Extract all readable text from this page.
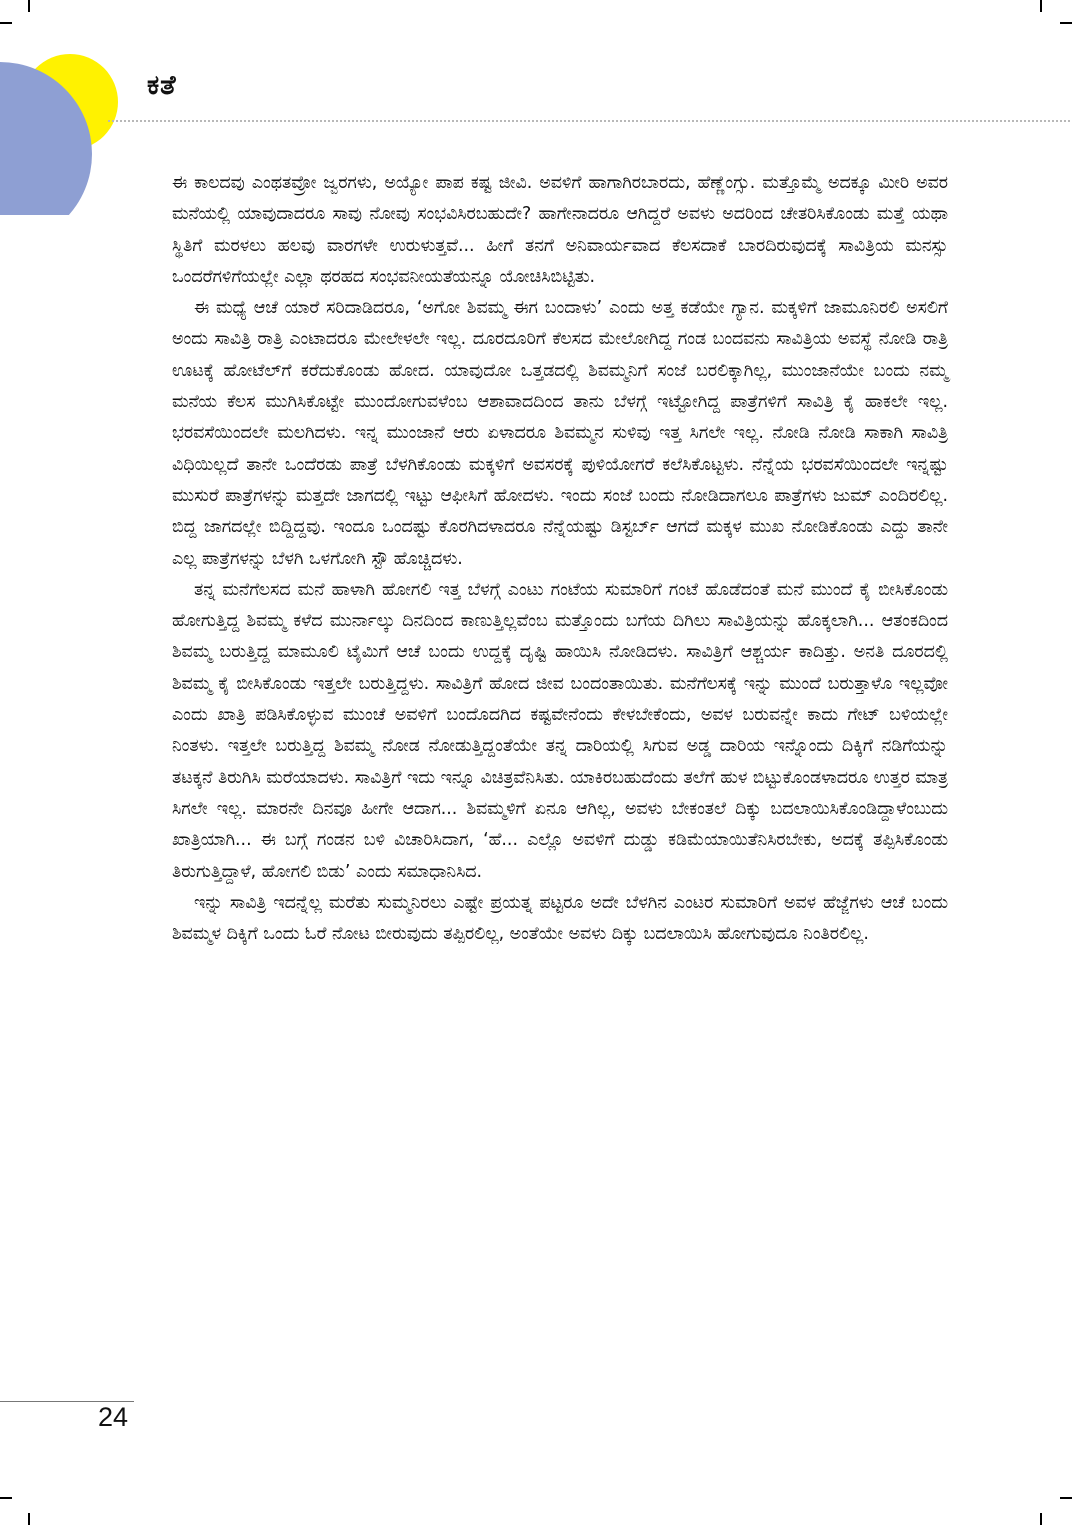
ಕತೆ

ಈ ಕಾಲದವು ಎಂಥತವ್ರೋ ಜ್ವರಗಳು, ಅಯ್ಯೋ ಪಾಪ ಕಷ್ಟ ಜೀವಿ. ಅವಳಿಗೆ ಹಾಗಾಗಿರಬಾರದು, ಹೆಣ್ಣೆಂಗ್ಸು. ಮತ್ತೊಮ್ಮೆ ಅದಕ್ಕೂ ಮೀರಿ ಅವರ ಮನೆಯಲ್ಲಿ ಯಾವುದಾದರೂ ಸಾವು ನೋವು ಸಂಭವಿಸಿರಬಹುದೇ? ಹಾಗೇನಾದರೂ ಆಗಿದ್ದರೆ ಅವಳು ಅದರಿಂದ ಚೇತರಿಸಿಕೊಂಡು ಮತ್ತೆ ಯಥಾ ಸ್ಥಿತಿಗೆ ಮರಳಲು ಹಲವು ವಾರಗಳೇ ಉರುಳುತ್ತವೆ... ಹೀಗೆ ತನಗೆ ಅನಿವಾರ್ಯವಾದ ಕೆಲಸದಾಕೆ ಬಾರದಿರುವುದಕ್ಕೆ ಸಾವಿತ್ರಿಯ ಮನಸ್ಸು ಒಂದರೆಗಳಿಗೆಯಲ್ಲೇ ಎಲ್ಲಾ ಥರಹದ ಸಂಭವನೀಯತೆಯನ್ನೂ ಯೋಚಿಸಿಬಿಟ್ಟಿತು.

ಈ ಮಧ್ಯೆ ಆಚೆ ಯಾರೆ ಸರಿದಾಡಿದರೂ, ‘ಅಗೋ ಶಿವಮ್ಮ ಈಗ ಬಂದಾಳು’ ಎಂದು ಅತ್ತ ಕಡೆಯೇ ಗ್ಯಾನ. ಮಕ್ಕಳಿಗೆ ಜಾಮೂನಿರಲಿ ಅಸಲಿಗೆ ಅಂದು ಸಾವಿತ್ರಿ ರಾತ್ರಿ ಎಂಟಾದರೂ ಮೇಲೇಳಲೇ ಇಲ್ಲ. ದೂರದೂರಿಗೆ ಕೆಲಸದ ಮೇಲೋಗಿದ್ದ ಗಂಡ ಬಂದವನು ಸಾವಿತ್ರಿಯ ಅವಸ್ಥೆ ನೋಡಿ ರಾತ್ರಿ ಊಟಕ್ಕೆ ಹೋಟೆಲ್‌ಗೆ ಕರೆದುಕೊಂಡು ಹೋದ. ಯಾವುದೋ ಒತ್ತಡದಲ್ಲಿ ಶಿವಮ್ಮನಿಗೆ ಸಂಜೆ ಬರಲಿಕ್ಕಾಗಿಲ್ಲ, ಮುಂಜಾನೆಯೇ ಬಂದು ನಮ್ಮ ಮನೆಯ ಕೆಲಸ ಮುಗಿಸಿಕೊಟ್ಟೇ ಮುಂದೋಗುವಳೆಂಬ ಆಶಾವಾದದಿಂದ ತಾನು ಬೆಳಗ್ಗೆ ಇಟ್ಟೋಗಿದ್ದ ಪಾತ್ರೆಗಳಿಗೆ ಸಾವಿತ್ರಿ ಕೈ ಹಾಕಲೇ ಇಲ್ಲ. ಭರವಸೆಯಿಂದಲೇ ಮಲಗಿದಳು. ಇನ್ನ ಮುಂಜಾನೆ ಆರು ಏಳಾದರೂ ಶಿವಮ್ಮನ ಸುಳಿವು ಇತ್ತ ಸಿಗಲೇ ಇಲ್ಲ. ನೋಡಿ ನೋಡಿ ಸಾಕಾಗಿ ಸಾವಿತ್ರಿ ವಿಧಿಯಿಲ್ಲದೆ ತಾನೇ ಒಂದೆರಡು ಪಾತ್ರೆ ಬೆಳಗಿಕೊಂಡು ಮಕ್ಕಳಿಗೆ ಅವಸರಕ್ಕೆ ಪುಳಿಯೋಗರೆ ಕಲೆಸಿಕೊಟ್ಟಳು. ನೆನ್ನೆಯ ಭರವಸೆಯಿಂದಲೇ ಇನ್ನಷ್ಟು ಮುಸುರೆ ಪಾತ್ರೆಗಳನ್ನು ಮತ್ತದೇ ಜಾಗದಲ್ಲಿ ಇಟ್ಟು ಆಫೀಸಿಗೆ ಹೋದಳು. ಇಂದು ಸಂಜೆ ಬಂದು ನೋಡಿದಾಗಲೂ ಪಾತ್ರೆಗಳು ಜುಮ್ ಎಂದಿರಲಿಲ್ಲ. ಬಿದ್ದ ಜಾಗದಲ್ಲೇ ಬಿದ್ದಿದ್ದವು. ಇಂದೂ ಒಂದಷ್ಟು ಕೊರಗಿದಳಾದರೂ ನೆನ್ನೆಯಷ್ಟು ಡಿಸ್ಟರ್ಬ್ ಆಗದೆ ಮಕ್ಕಳ ಮುಖ ನೋಡಿಕೊಂಡು ಎದ್ದು ತಾನೇ ಎಲ್ಲ ಪಾತ್ರೆಗಳನ್ನು ಬೆಳಗಿ ಒಳಗೋಗಿ ಸ್ಟೌ ಹೊಚ್ಚಿದಳು.

ತನ್ನ ಮನೆಗೆಲಸದ ಮನೆ ಹಾಳಾಗಿ ಹೋಗಲಿ ಇತ್ತ ಬೆಳಗ್ಗೆ ಎಂಟು ಗಂಟೆಯ ಸುಮಾರಿಗೆ ಗಂಟೆ ಹೊಡೆದಂತೆ ಮನೆ ಮುಂದೆ ಕೈ ಬೀಸಿಕೊಂಡು ಹೋಗುತ್ತಿದ್ದ ಶಿವಮ್ಮ ಕಳೆದ ಮುರ್ನಾಲ್ಕು ದಿನದಿಂದ ಕಾಣುತ್ತಿಲ್ಲವೆಂಬ ಮತ್ತೊಂದು ಬಗೆಯ ದಿಗಿಲು ಸಾವಿತ್ರಿಯನ್ನು ಹೊಕ್ಕಲಾಗಿ... ಆತಂಕದಿಂದ ಶಿವಮ್ಮ ಬರುತ್ತಿದ್ದ ಮಾಮೂಲಿ ಟೈಮಿಗೆ ಆಚೆ ಬಂದು ಉದ್ದಕ್ಕೆ ದೃಷ್ಟಿ ಹಾಯಿಸಿ ನೋಡಿದಳು. ಸಾವಿತ್ರಿಗೆ ಆಶ್ಚರ್ಯ ಕಾದಿತ್ತು. ಅನತಿ ದೂರದಲ್ಲಿ ಶಿವಮ್ಮ ಕೈ ಬೀಸಿಕೊಂಡು ಇತ್ತಲೇ ಬರುತ್ತಿದ್ದಳು. ಸಾವಿತ್ರಿಗೆ ಹೋದ ಜೀವ ಬಂದಂತಾಯಿತು. ಮನೆಗೆಲಸಕ್ಕೆ ಇನ್ನು ಮುಂದೆ ಬರುತ್ತಾಳೊ ಇಲ್ಲವೋ ಎಂದು ಖಾತ್ರಿ ಪಡಿಸಿಕೊಳ್ಳುವ ಮುಂಚೆ ಅವಳಿಗೆ ಬಂದೊದಗಿದ ಕಷ್ಟವೇನೆಂದು ಕೇಳಬೇಕೆಂದು, ಅವಳ ಬರುವನ್ನೇ ಕಾದು ಗೇಟ್ ಬಳಿಯಲ್ಲೇ ನಿಂತಳು. ಇತ್ತಲೇ ಬರುತ್ತಿದ್ದ ಶಿವಮ್ಮ ನೋಡ ನೋಡುತ್ತಿದ್ದಂತೆಯೇ ತನ್ನ ದಾರಿಯಲ್ಲಿ ಸಿಗುವ ಅಡ್ಡ ದಾರಿಯ ಇನ್ನೊಂದು ದಿಕ್ಕಿಗೆ ನಡಿಗೆಯನ್ನು ತಟಕ್ಕನೆ ತಿರುಗಿಸಿ ಮರೆಯಾದಳು. ಸಾವಿತ್ರಿಗೆ ಇದು ಇನ್ನೂ ವಿಚಿತ್ರವೆನಿಸಿತು. ಯಾಕಿರಬಹುದೆಂದು ತಲೆಗೆ ಹುಳ ಬಿಟ್ಟುಕೊಂಡಳಾದರೂ ಉತ್ತರ ಮಾತ್ರ ಸಿಗಲೇ ಇಲ್ಲ. ಮಾರನೇ ದಿನವೂ ಹೀಗೇ ಆದಾಗ... ಶಿವಮ್ಮಳಿಗೆ ಏನೂ ಆಗಿಲ್ಲ, ಅವಳು ಬೇಕಂತಲೆ ದಿಕ್ಕು ಬದಲಾಯಿಸಿಕೊಂಡಿದ್ದಾಳೆಂಬುದು ಖಾತ್ರಿಯಾಗಿ... ಈ ಬಗ್ಗೆ ಗಂಡನ ಬಳಿ ವಿಚಾರಿಸಿದಾಗ, ‘ಹೆ... ಎಲ್ಲೊ ಅವಳಿಗೆ ದುಡ್ಡು ಕಡಿಮೆಯಾಯಿತೆನಿಸಿರಬೇಕು, ಅದಕ್ಕೆ ತಪ್ಪಿಸಿಕೊಂಡು ತಿರುಗುತ್ತಿದ್ದಾಳೆ, ಹೋಗಲಿ ಬಿಡು’ ಎಂದು ಸಮಾಧಾನಿಸಿದ.

ಇನ್ನು ಸಾವಿತ್ರಿ ಇದನ್ನೆಲ್ಲ ಮರೆತು ಸುಮ್ಮನಿರಲು ಎಷ್ಟೇ ಪ್ರಯತ್ನ ಪಟ್ಟರೂ ಅದೇ ಬೆಳಗಿನ ಎಂಟರ ಸುಮಾರಿಗೆ ಅವಳ ಹೆಜ್ಜೆಗಳು ಆಚೆ ಬಂದು ಶಿವಮ್ಮಳ ದಿಕ್ಕಿಗೆ ಒಂದು ಓರೆ ನೋಟ ಬೀರುವುದು ತಪ್ಪಿರಲಿಲ್ಲ, ಅಂತೆಯೇ ಅವಳು ದಿಕ್ಕು ಬದಲಾಯಿಸಿ ಹೋಗುವುದೂ ನಿಂತಿರಲಿಲ್ಲ.

24
